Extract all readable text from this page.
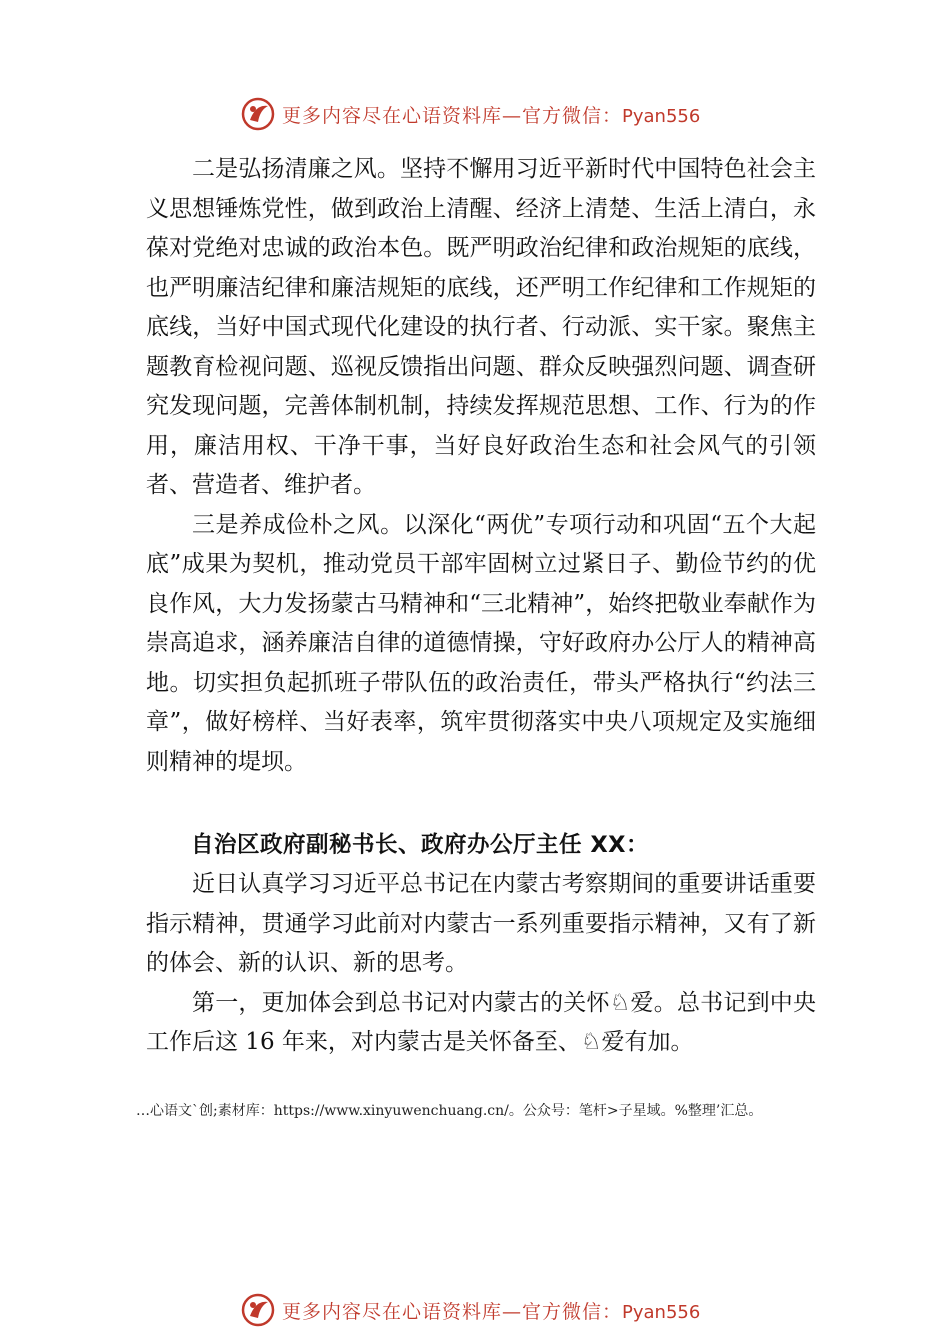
更多内容尽在心语资料库—官方微信：Pyan556

二是弘扬清廉之风。坚持不懈用习近平新时代中国特色社会主义思想锤炼党性，做到政治上清醒、经济上清楚、生活上清白，永葆对党绝对忠诚的政治本色。既严明政治纪律和政治规矩的底线，也严明廉洁纪律和廉洁规矩的底线，还严明工作纪律和工作规矩的底线，当好中国式现代化建设的执行者、行动派、实干家。聚焦主题教育检视问题、巡视反馈指出问题、群众反映强烈问题、调查研究发现问题，完善体制机制，持续发挥规范思想、工作、行为的作用，廉洁用权、干净干事，当好良好政治生态和社会风气的引领者、营造者、维护者。

三是养成俭朴之风。以深化“两优”专项行动和巩固“五个大起底”成果为契机，推动党员干部牢固树立过紧日子、勤俭节约的优良作风，大力发扬蒙古马精神和“三北精神”，始终把敬业奉献作为崇高追求，涵养廉洁自律的道德情操，守好政府办公厅人的精神高地。切实担负起抓班子带队伍的政治责任，带头严格执行“约法三章”，做好榜样、当好表率，筑牢贯彻落实中央八项规定及实施细则精神的堤坝。

自治区政府副秘书长、政府办公厅主任 XX：

近日认真学习习近平总书记在内蒙古考察期间的重要讲话重要指示精神，贯通学习此前对内蒙古一系列重要指示精神，又有了新的体会、新的认识、新的思考。

第一，更加体会到总书记对内蒙古的关怀♘爱。总书记到中央工作后这 16 年来，对内蒙古是关怀备至、♘爱有加。

…心语文`创;素材库：https://www.xinyuwenchuang.cn/。公众号：笔杆>子星域。%整理’汇总。
更多内容尽在心语资料库—官方微信：Pyan556
